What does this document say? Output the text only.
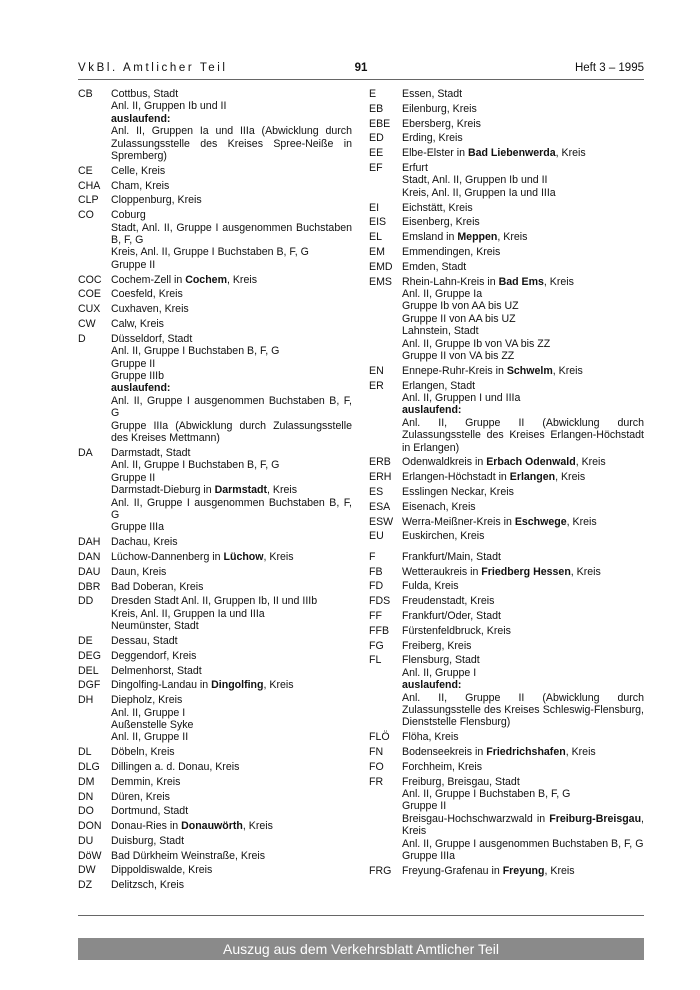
VkBl. Amtlicher Teil	91	Heft 3 – 1995
CB	Cottbus, Stadt
Anl. II, Gruppen Ib und II
auslaufend:
Anl. II, Gruppen Ia und IIIa (Abwicklung durch Zulassungsstelle des Kreises Spree-Neiße in Spremberg)
CE	Celle, Kreis
CHA	Cham, Kreis
CLP	Cloppenburg, Kreis
CO	Coburg
Stadt, Anl. II, Gruppe I ausgenommen Buchstaben B, F, G
Kreis, Anl. II, Gruppe I Buchstaben B, F, G
Gruppe II
COC Cochem-Zell in Cochem, Kreis
COE Coesfeld, Kreis
CUX	Cuxhaven, Kreis
CW	Calw, Kreis
D	Düsseldorf, Stadt
Anl. II, Gruppe I Buchstaben B, F, G
Gruppe II
Gruppe IIIb
auslaufend:
Anl. II, Gruppe I ausgenommen Buchstaben B, F, G
Gruppe IIIa (Abwicklung durch Zulassungsstelle des Kreises Mettmann)
DA	Darmstadt, Stadt
Anl. II, Gruppe I Buchstaben B, F, G
Gruppe II
Darmstadt-Dieburg in Darmstadt, Kreis
Anl. II, Gruppe I ausgenommen Buchstaben B, F, G
Gruppe IIIa
DAH	Dachau, Kreis
DAN	Lüchow-Dannenberg in Lüchow, Kreis
DAU	Daun, Kreis
DBR	Bad Doberan, Kreis
DD	Dresden Stadt Anl. II, Gruppen Ib, II und IIIb
Kreis, Anl. II, Gruppen Ia und IIIa
Neumünster, Stadt
DE	Dessau, Stadt
DEG Deggendorf, Kreis
DEL	Delmenhorst, Stadt
DGF	Dingolfing-Landau in Dingolfing, Kreis
DH	Diepholz, Kreis
Anl. II, Gruppe I
Außenstelle Syke
Anl. II, Gruppe II
DL	Döbeln, Kreis
DLG	Dillingen a. d. Donau, Kreis
DM	Demmin, Kreis
DN	Düren, Kreis
DO	Dortmund, Stadt
DON Donau-Ries in Donauwörth, Kreis
DU	Duisburg, Stadt
DöW Bad Dürkheim Weinstraße, Kreis
DW	Dippoldiswalde, Kreis
DZ	Delitzsch, Kreis
E	Essen, Stadt
EB	Eilenburg, Kreis
EBE	Ebersberg, Kreis
ED	Erding, Kreis
EE	Elbe-Elster in Bad Liebenwerda, Kreis
EF	Erfurt
Stadt, Anl. II, Gruppen Ib und II
Kreis, Anl. II, Gruppen Ia und IIIa
EI	Eichstätt, Kreis
EIS	Eisenberg, Kreis
EL	Emsland in Meppen, Kreis
EM	Emmendingen, Kreis
EMD Emden, Stadt
EMS Rhein-Lahn-Kreis in Bad Ems, Kreis
Anl. II, Gruppe Ia
Gruppe Ib von AA bis UZ
Gruppe II von AA bis UZ
Lahnstein, Stadt
Anl. II, Gruppe Ib von VA bis ZZ
Gruppe II von VA bis ZZ
EN	Ennepe-Ruhr-Kreis in Schwelm, Kreis
ER	Erlangen, Stadt
Anl. II, Gruppen I und IIIa
auslaufend:
Anl. II, Gruppe II (Abwicklung durch Zulassungsstelle des Kreises Erlangen-Höchstadt in Erlangen)
ERB	Odenwaldkreis in Erbach Odenwald, Kreis
ERH	Erlangen-Höchstadt in Erlangen, Kreis
ES	Esslingen Neckar, Kreis
ESA	Eisenach, Kreis
ESW Werra-Meißner-Kreis in Eschwege, Kreis
EU	Euskirchen, Kreis
F	Frankfurt/Main, Stadt
FB	Wetteraukreis in Friedberg Hessen, Kreis
FD	Fulda, Kreis
FDS	Freudenstadt, Kreis
FF	Frankfurt/Oder, Stadt
FFB	Fürstenfeldbruck, Kreis
FG	Freiberg, Kreis
FL	Flensburg, Stadt
Anl. II, Gruppe I
auslaufend:
Anl. II, Gruppe II (Abwicklung durch Zulassungsstelle des Kreises Schleswig-Flensburg, Dienststelle Flensburg)
FLÖ	Flöha, Kreis
FN	Bodenseekreis in Friedrichshafen, Kreis
FO	Forchheim, Kreis
FR	Freiburg, Breisgau, Stadt
Anl. II, Gruppe I Buchstaben B, F, G
Gruppe II
Breisgau-Hochschwarzwald in Freiburg-Breisgau, Kreis
Anl. II, Gruppe I ausgenommen Buchstaben B, F, G
Gruppe IIIa
FRG	Freyung-Grafenau in Freyung, Kreis
Auszug aus dem Verkehrsblatt Amtlicher Teil
